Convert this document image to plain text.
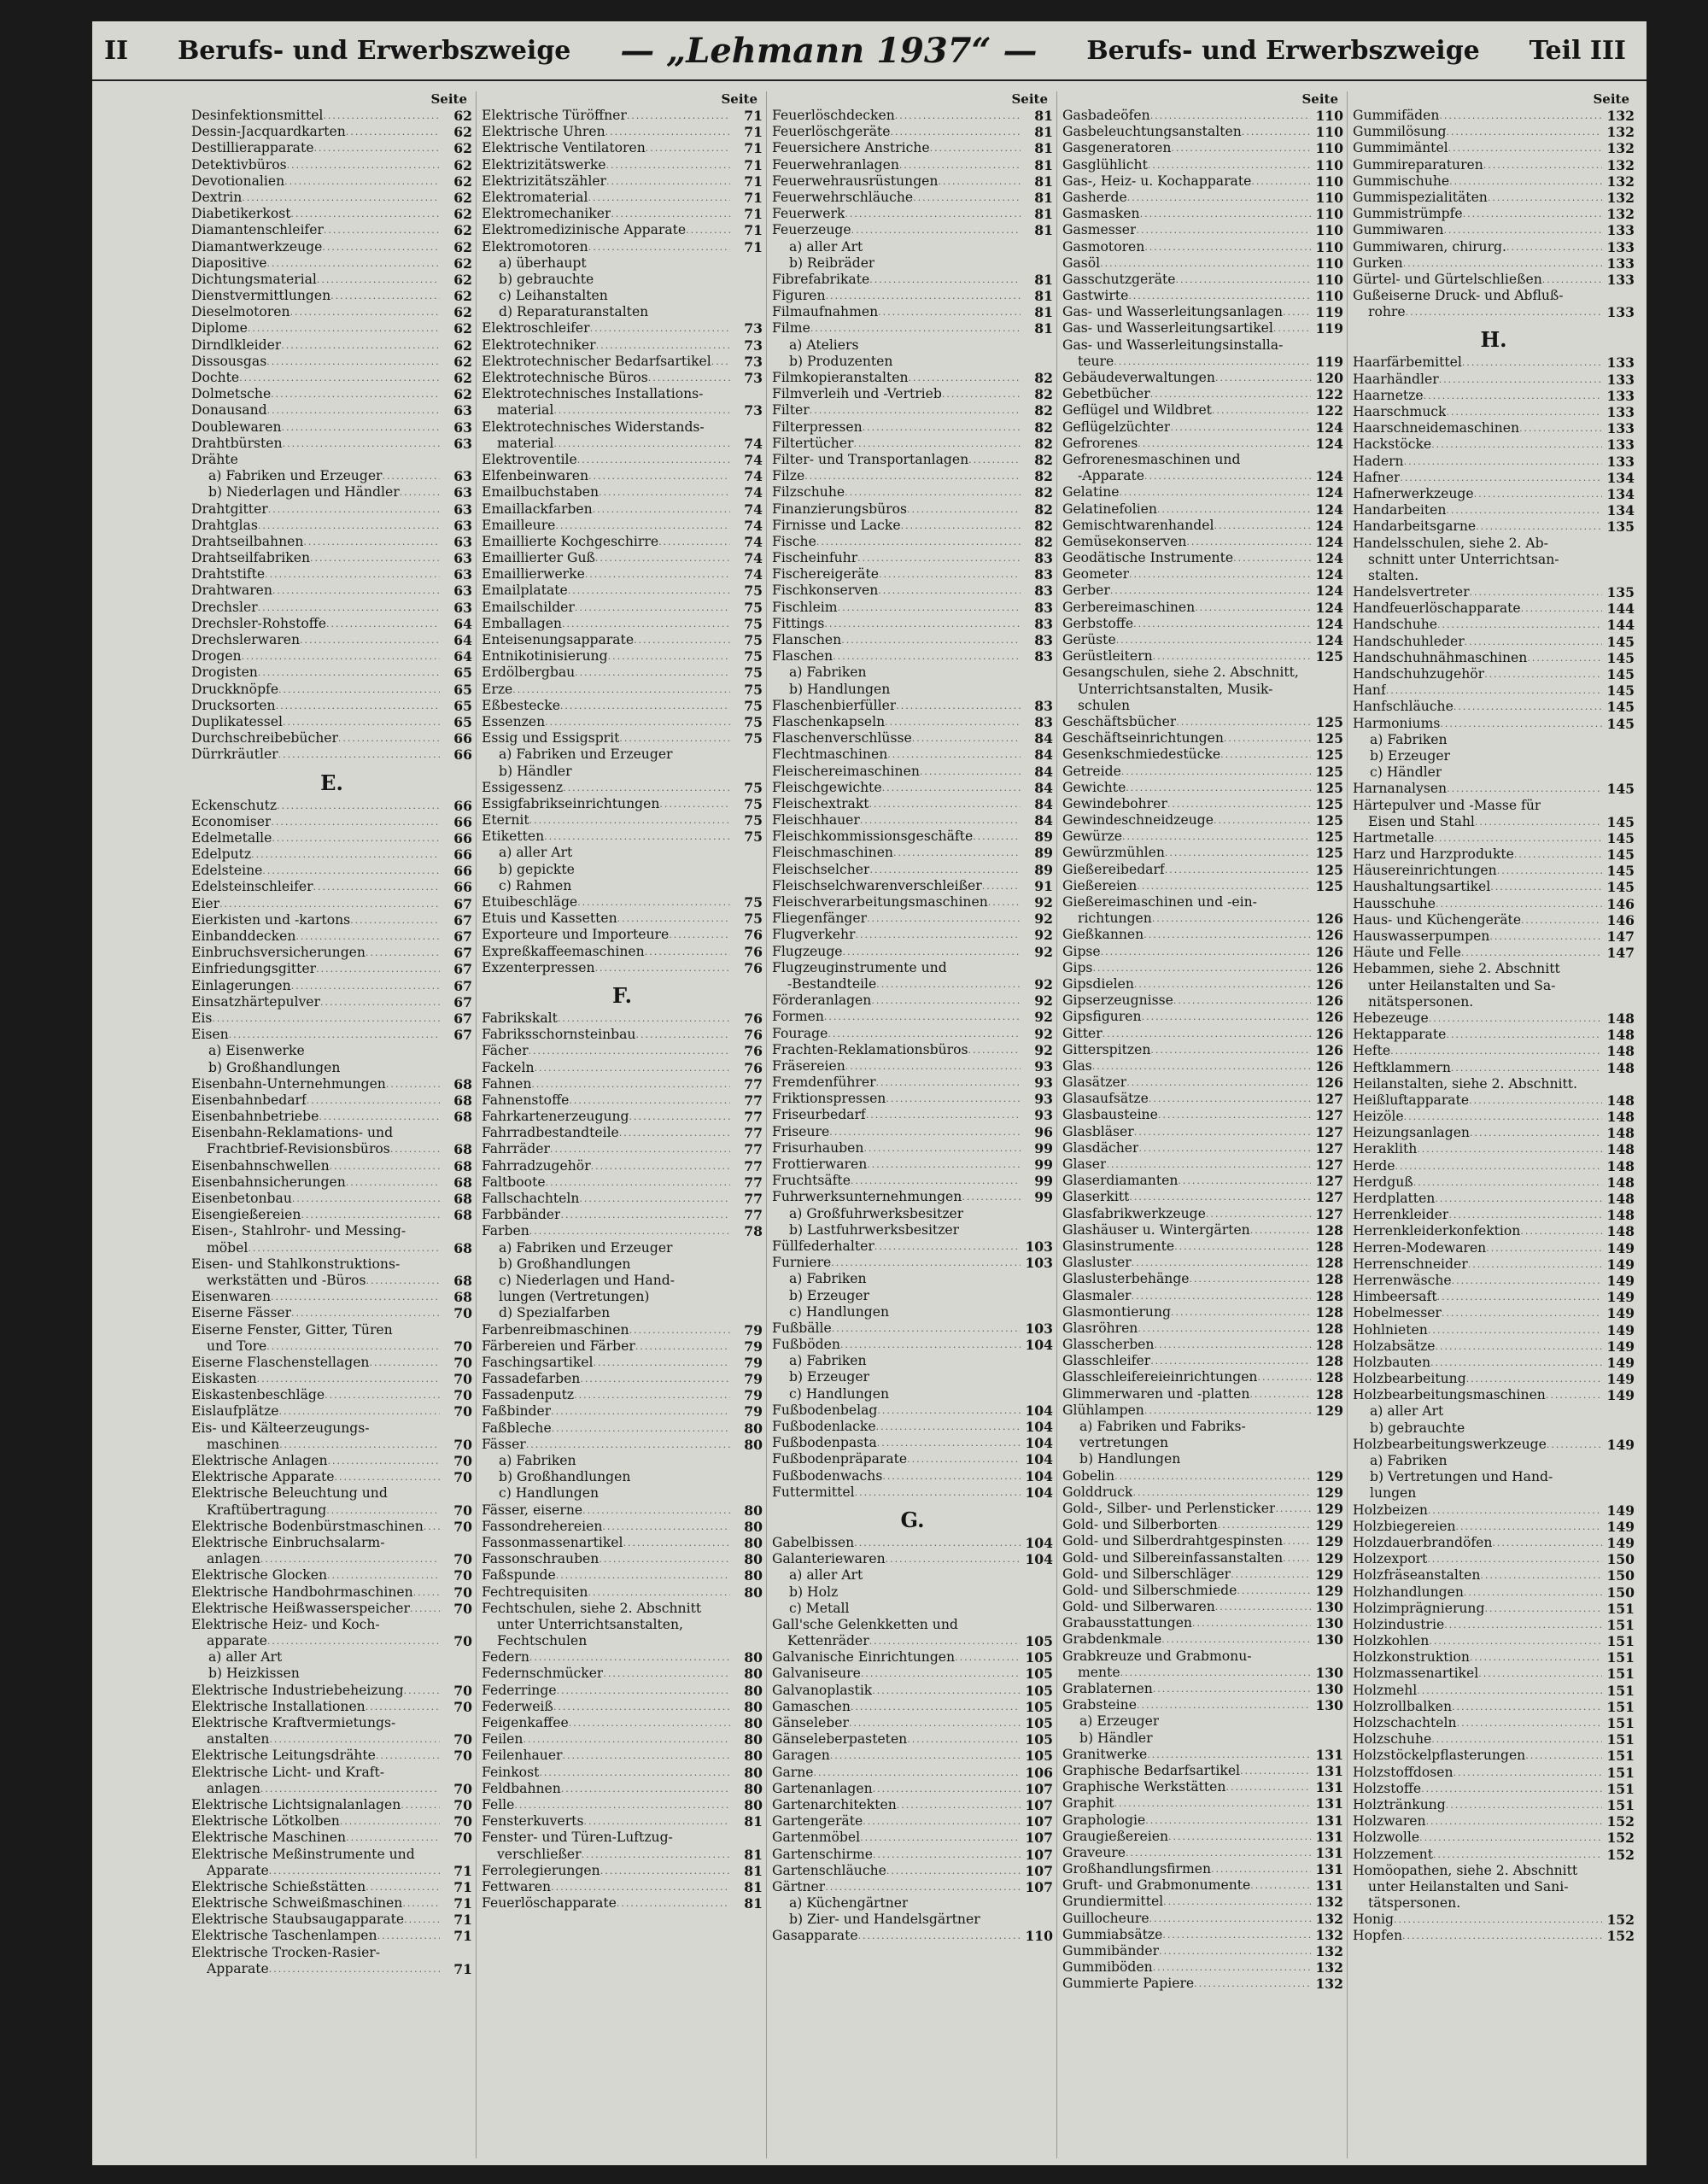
II Berufs- und Erwerbszweige — „Lehmann 1937“ — Berufs- und Erwerbszweige Teil III
Seite
Desinfektionsmittel .....	62
Dessin-Jacquardkarten .....	62
Destillierapparate .....	62
Detektivbüros .....	62
Devotionalien .....	62
Dextrin .....	62
Diabetikerkost .....	62
Diamantenschleifer .....	62
Diamantwerkzeuge .....	62
Diapositive .....	62
Dichtungsmaterial .....	62
Dienstvermittlungen .....	62
Dieselmotoren .....	62
Diplome .....	62
Dirndlkleider .....	62
Dissousgas .....	62
Dochte .....	62
Dolmetsche .....	62
Donausand .....	63
Doublewaren .....	63
Drahtbürsten .....	63
Drähte
a) Fabriken und Erzeuger .....	63
b) Niederlagen und Händler .....	63
Drahtgitter .....	63
Drahtglas .....	63
Drahtseilbahnen .....	63
Drahtseilfabriken .....	63
Drahtstifte .....	63
Drahtwaren .....	63
Drechsler .....	63
Drechsler-Rohstoffe .....	64
Drechslerwaren .....	64
Drogen .....	64
Drogisten .....	65
Druckknöpfe .....	65
Drucksorten .....	65
Duplikatessel .....	65
Durchschreibebücher .....	66
Dürrkräutler .....	66
E.
Eckenschutz .....	66
Economiser .....	66
Edelmetalle .....	66
Edelputz .....	66
Edelsteine .....	66
Edelsteinschleifer .....	66
Eier .....	67
Eierkisten und -kartons .....	67
Einbanddecken .....	67
Einbruchsversicherungen .....	67
Einfriedungsgitter .....	67
Einlagerungen .....	67
Einsatzhärtepulver .....	67
Eis .....	67
Eisen .....	67
a) Eisenwerke
b) Großhandlungen
Eisenbahn-Unternehmungen .....	68
Eisenbahnbedarf .....	68
Eisenbahnbetriebe .....	68
Eisenbahn-Reklamations- und
Frachtbrief-Revisionsbüros .....	68
Eisenbahnschwellen .....	68
Eisenbahnsicherungen .....	68
Eisenbetonbau .....	68
Eisengießereien .....	68
Eisen-, Stahlrohr- und Messing-
möbel .....	68
Eisen- und Stahlkonstruktions-
werkstätten und -Büros .....	68
Eisenwaren .....	68
Eiserne Fässer .....	70
Eiserne Fenster, Gitter, Türen
und Tore .....	70
Eiserne Flaschenstellagen .....	70
Eiskasten .....	70
Eiskastenbeschläge .....	70
Eislaufplätze .....	70
Eis- und Kälteerzeugungs-
maschinen .....	70
Elektrische Anlagen .....	70
Elektrische Apparate .....	70
Elektrische Beleuchtung und
Kraftübertragung .....	70
Elektrische Bodenbürstmaschinen .....	70
Elektrische Einbruchsalarm-
anlagen .....	70
Elektrische Glocken .....	70
Elektrische Handbohrmaschinen .....	70
Elektrische Heißwasserspeicher .....	70
Elektrische Heiz- und Koch-
apparate .....	70
a) aller Art
b) Heizkissen
Elektrische Industriebeheizung .....	70
Elektrische Installationen .....	70
Elektrische Kraftvermietungs-
anstalten .....	70
Elektrische Leitungsdrähte .....	70
Elektrische Licht- und Kraft-
anlagen .....	70
Elektrische Lichtsignalanlagen .....	70
Elektrische Lötkolben .....	70
Elektrische Maschinen .....	70
Elektrische Meßinstrumente und
Apparate .....	71
Elektrische Schießstätten .....	71
Elektrische Schweißmaschinen .....	71
Elektrische Staubsaugapparate .....	71
Elektrische Taschenlampen .....	71
Elektrische Trocken-Rasier-
Apparate .....	71
Seite
Elektrische Türöffner .....	71
Elektrische Uhren .....	71
Elektrische Ventilatoren .....	71
Elektrizitätswerke .....	71
Elektrizitätszähler .....	71
Elektromaterial .....	71
Elektromechaniker .....	71
Elektromedizinische Apparate .....	71
Elektromotoren .....	71
a) überhaupt
b) gebrauchte
c) Leihanstalten
d) Reparaturanstalten
Elektroschleifer .....	73
Elektrotechniker .....	73
Elektrotechnischer Bedarfsartikel .....	73
Elektrotechnische Büros .....	73
Elektrotechnisches Installations-
material .....	73
Elektrotechnisches Widerstands-
material .....	74
Elektroventile .....	74
Elfenbeinwaren .....	74
Emailbuchstaben .....	74
Emaillackfarben .....	74
Emailleure .....	74
Emaillierte Kochgeschirre .....	74
Emaillierter Guß .....	74
Emaillierwerke .....	74
Emailplatate .....	75
Emailschilder .....	75
Emballagen .....	75
Enteisenungsapparate .....	75
Entnikotinisierung .....	75
Erdölbergbau .....	75
Erze .....	75
Eßbestecke .....	75
Essenzen .....	75
Essig und Essigsprit .....	75
a) Fabriken und Erzeuger
b) Händler
Essigessenz .....	75
Essigfabrikseinrichtungen .....	75
Eternit .....	75
Etiketten .....	75
a) aller Art
b) gepickte
c) Rahmen
Etuibeschläge .....	75
Etuis und Kassetten .....	75
Exporteure und Importeure .....	76
Expreßkaffeemaschinen .....	76
Exzenterpressen .....	76
F.
Fabrikskalt .....	76
Fabriksschornsteinbau .....	76
Fächer .....	76
Fackeln .....	76
Fahnen .....	77
Fahnenstoffe .....	77
Fahrkartenerzeugung .....	77
Fahrradbestandteile .....	77
Fahrräder .....	77
Fahrradzugehör .....	77
Faltboote .....	77
Fallschachteln .....	77
Farbbänder .....	77
Farben .....	78
a) Fabriken und Erzeuger
b) Großhandlungen
c) Niederlagen und Hand-
lungen (Vertretungen)
d) Spezialfarben
Farbenreibmaschinen .....	79
Färbereien und Färber .....	79
Faschingsartikel .....	79
Fassadefarben .....	79
Fassadenputz .....	79
Faßbinder .....	79
Faßbleche .....	80
Fässer .....	80
a) Fabriken
b) Großhandlungen
c) Handlungen
Fässer, eiserne .....	80
Fassondrehereien .....	80
Fassonmassenartikel .....	80
Fassonschrauben .....	80
Faßspunde .....	80
Fechtrequisiten .....	80
Fechtschulen, siehe 2. Abschnitt
unter Unterrichtsanstalten,
Fechtschulen
Federn .....	80
Federnschmücker .....	80
Federringe .....	80
Federweiß .....	80
Feigenkaffee .....	80
Feilen .....	80
Feilenhauer .....	80
Feinkost .....	80
Feldbahnen .....	80
Felle .....	80
Fensterkuverts .....	81
Fenster- und Türen-Luftzug-
verschließer .....	81
Ferrolegierungen .....	81
Fettwaren .....	81
Feuerlöschapparate .....	81
Seite
Feuerlöschdecken .....	81
Feuerlöschgeräte .....	81
Feuersichere Anstriche .....	81
Feuerwehranlagen .....	81
Feuerwehrausrüstungen .....	81
Feuerwehrschläuche .....	81
Feuerwerk .....	81
Feuerzeuge .....	81
a) aller Art
b) Reibräder
Fibrefabrikate .....	81
Figuren .....	81
Filmaufnahmen .....	81
Filme .....	81
a) Ateliers
b) Produzenten
Filmkopieranstalten .....	82
Filmverleih und -Vertrieb .....	82
Filter .....	82
Filterpressen .....	82
Filtertücher .....	82
Filter- und Transportanlagen .....	82
Filze .....	82
Filzschuhe .....	82
Finanzierungsbüros .....	82
Firnisse und Lacke .....	82
Fische .....	82
Fischeinfuhr .....	83
Fischereigeräte .....	83
Fischkonserven .....	83
Fischleim .....	83
Fittings .....	83
Flanschen .....	83
Flaschen .....	83
a) Fabriken
b) Handlungen
Flaschenbierfüller .....	83
Flaschenkapseln .....	83
Flaschenverschlüsse .....	84
Flechtmaschinen .....	84
Fleischereimaschinen .....	84
Fleischgewichte .....	84
Fleischextrakt .....	84
Fleischhauer .....	84
Fleischkommissionsgeschäfte .....	89
Fleischmaschinen .....	89
Fleischselcher .....	89
Fleischselchwarenverschleißer .....	91
Fleischverarbeitungsmaschinen .....	92
Fliegenfänger .....	92
Flugverkehr .....	92
Flugzeuge .....	92
Flugzeuginstrumente und
-Bestandteile .....	92
Förderanlagen .....	92
Formen .....	92
Fourage .....	92
Frachten-Reklamationsbüros .....	92
Fräsereien .....	93
Fremdenführer .....	93
Friktionspressen .....	93
Friseurbedarf .....	93
Friseure .....	96
Frisurhauben .....	99
Frottierwaren .....	99
Fruchtsäfte .....	99
Fuhrwerksunternehmungen .....	99
a) Großfuhrwerksbesitzer
b) Lastfuhrwerksbesitzer
Füllfederhalter .....	103
Furniere .....	103
a) Fabriken
b) Erzeuger
c) Handlungen
Fußbälle .....	103
Fußböden .....	104
a) Fabriken
b) Erzeuger
c) Handlungen
Fußbodenbelag .....	104
Fußbodenlacke .....	104
Fußbodenpasta .....	104
Fußbodenpräparate .....	104
Fußbodenwachs .....	104
Futtermittel .....	104
G.
Gabelbissen .....	104
Galanteriewaren .....	104
a) aller Art
b) Holz
c) Metall
Gall'sche Gelenkketten und
Kettenräder .....	105
Galvanische Einrichtungen .....	105
Galvaniseure .....	105
Galvanoplastik .....	105
Gamaschen .....	105
Gänseleber .....	105
Gänseleberpasteten .....	105
Garagen .....	105
Garne .....	106
Gartenanlagen .....	107
Gartenarchitekten .....	107
Gartengeräte .....	107
Gartenmöbel .....	107
Gartenschirme .....	107
Gartenschläuche .....	107
Gärtner .....	107
a) Küchengärtner
b) Zier- und Handelsgärtner
Gasapparate .....	110
Seite
Gasbadeöfen .....	110
Gasbeleuchtungsanstalten .....	110
Gasgeneratoren .....	110
Gasglühlicht .....	110
Gas-, Heiz- u. Kochapparate .....	110
Gasherde .....	110
Gasmasken .....	110
Gasmesser .....	110
Gasmotoren .....	110
Gasöl .....	110
Gasschutzgeräte .....	110
Gastwirte .....	110
Gas- und Wasserleitungsanlagen .....	119
Gas- und Wasserleitungsartikel .....	119
Gas- und Wasserleitungsinstalla-
teure .....	119
Gebäudeverwaltungen .....	120
Gebetbücher .....	122
Geflügel und Wildbret .....	122
Geflügelzüchter .....	124
Gefrorenes .....	124
Gefrorenesmaschinen und
-Apparate .....	124
Gelatine .....	124
Gelatinefolien .....	124
Gemischtwarenhandel .....	124
Gemüsekonserven .....	124
Geodätische Instrumente .....	124
Geometer .....	124
Gerber .....	124
Gerbereimaschinen .....	124
Gerbstoffe .....	124
Gerüste .....	124
Gerüstleitern .....	125
Gesangschulen, siehe 2. Abschnitt,
Unterrichtsanstalten, Musik-
schulen
Geschäftsbücher .....	125
Geschäftseinrichtungen .....	125
Gesenkschmiedestücke .....	125
Getreide .....	125
Gewichte .....	125
Gewindebohrer .....	125
Gewindeschneidzeuge .....	125
Gewürze .....	125
Gewürzmühlen .....	125
Gießereibedarf .....	125
Gießereien .....	125
Gießereimaschinen und -ein-
richtungen .....	126
Gießkannen .....	126
Gipse .....	126
Gips .....	126
Gipsdielen .....	126
Gipserzeugnisse .....	126
Gipsfiguren .....	126
Gitter .....	126
Gitterspitzen .....	126
Glas .....	126
Glasätzer .....	126
Glasaufsätze .....	127
Glasbausteine .....	127
Glasbläser .....	127
Glasdächer .....	127
Glaser .....	127
Glaserdiamanten .....	127
Glaserkitt .....	127
Glasfabrikwerkzeuge .....	127
Glashäuser u. Wintergärten .....	128
Glasinstrumente .....	128
Glasluster .....	128
Glaslusterbehänge .....	128
Glasmaler .....	128
Glasmontierung .....	128
Glasröhren .....	128
Glasscherben .....	128
Glasschleifer .....	128
Glasschleifereieinrichtungen .....	128
Glimmerwaren und -platten .....	128
Glühlampen .....	129
a) Fabriken und Fabriks-
vertretungen
b) Handlungen
Gobelin .....	129
Golddruck .....	129
Gold-, Silber- und Perlensticker .....	129
Gold- und Silberborten .....	129
Gold- und Silberdrahtgespinsten .....	129
Gold- und Silbereinfassanstalten .....	129
Gold- und Silberschläger .....	129
Gold- und Silberschmiede .....	129
Gold- und Silberwaren .....	130
Grabausstattungen .....	130
Grabdenkmale .....	130
Grabkreuze und Grabmonu-
mente .....	130
Grablaternen .....	130
Grabsteine .....	130
a) Erzeuger
b) Händler
Granitwerke .....	131
Graphische Bedarfsartikel .....	131
Graphische Werkstätten .....	131
Graphit .....	131
Graphologie .....	131
Graugießereien .....	131
Graveure .....	131
Großhandlungsfirmen .....	131
Gruft- und Grabmonumente .....	131
Grundiermittel .....	132
Guillocheure .....	132
Gummiabsätze .....	132
Gummibänder .....	132
Gummiböden .....	132
Gummierte Papiere .....	132
Seite
Gummifäden .....	132
Gummilösung .....	132
Gummimäntel .....	132
Gummireparaturen .....	132
Gummischuhe .....	132
Gummispezialitäten .....	132
Gummistrümpfe .....	132
Gummiwaren .....	133
Gummiwaren, chirurg. .....	133
Gurken .....	133
Gürtel- und Gürtelschließen .....	133
Gußeiserne Druck- und Abfluß-
rohre .....	133
H.
Haarfärbemittel .....	133
Haarhändler .....	133
Haarnetze .....	133
Haarschmuck .....	133
Haarschneidemaschinen .....	133
Hackstöcke .....	133
Hadern .....	133
Hafner .....	134
Hafnerwerkzeuge .....	134
Handarbeiten .....	134
Handarbeitsgarne .....	135
Handelsschulen, siehe 2. Ab-
schnitt unter Unterrichtsan-
stalten.
Handelsvertreter .....	135
Handfeuerlöschapparate .....	144
Handschuhe .....	144
Handschuhleder .....	145
Handschuhnähmaschinen .....	145
Handschuhzugehör .....	145
Hanf .....	145
Hanfschläuche .....	145
Harmoniums .....	145
a) Fabriken
b) Erzeuger
c) Händler
Harnanalysen .....	145
Härtepulver und -Masse für
Eisen und Stahl .....	145
Hartmetalle .....	145
Harz und Harzprodukte .....	145
Häusereinrichtungen .....	145
Haushaltungsartikel .....	145
Hausschuhe .....	146
Haus- und Küchengeräte .....	146
Hauswasserpumpen .....	147
Häute und Felle .....	147
Hebammen, siehe 2. Abschnitt
unter Heilanstalten und Sa-
nitätspersonen.
Hebezeuge .....	148
Hektapparate .....	148
Hefte .....	148
Heftklammern .....	148
Heilanstalten, siehe 2. Abschnitt.
Heißluftapparate .....	148
Heizöle .....	148
Heizungsanlagen .....	148
Heraklith .....	148
Herde .....	148
Herdguß .....	148
Herdplatten .....	148
Herrenkleider .....	148
Herrenkleiderkonfektion .....	148
Herren-Modewaren .....	149
Herrenschneider .....	149
Herrenwäsche .....	149
Himbeersaft .....	149
Hobelmesser .....	149
Hohlnieten .....	149
Holzabsätze .....	149
Holzbauten .....	149
Holzbearbeitung .....	149
Holzbearbeitungsmaschinen .....	149
a) aller Art
b) gebrauchte
Holzbearbeitungswerkzeuge .....	149
a) Fabriken
b) Vertretungen und Hand-
lungen
Holzbeizen .....	149
Holzbiegereien .....	149
Holzdauerbrandöfen .....	149
Holzexport .....	150
Holzfräseanstalten .....	150
Holzhandlungen .....	150
Holzimprägnierung .....	151
Holzindustrie .....	151
Holzkohlen .....	151
Holzkonstruktion .....	151
Holzmassenartikel .....	151
Holzmehl .....	151
Holzrollbalken .....	151
Holzschachteln .....	151
Holzschuhe .....	151
Holzstöckelpflasterungen .....	151
Holzstoffdosen .....	151
Holzstoffe .....	151
Holztränkung .....	151
Holzwaren .....	152
Holzwolle .....	152
Holzzement .....	152
Homöopathen, siehe 2. Abschnitt
unter Heilanstalten und Sani-
tätspersonen.
Honig .....	152
Hopfen .....	152
